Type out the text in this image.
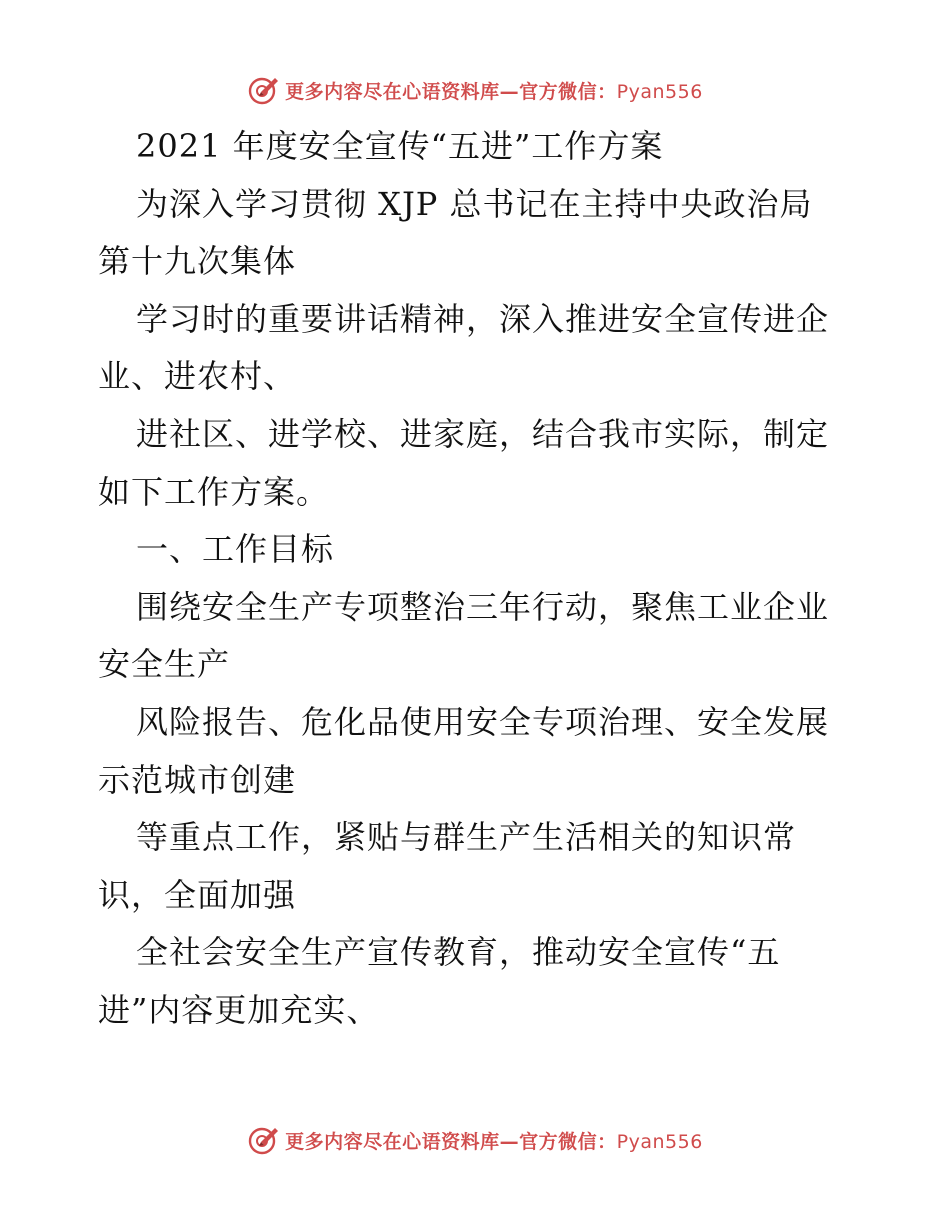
更多内容尽在心语资料库—官方微信：Pyan556
2021 年度安全宣传“五进”工作方案
为深入学习贯彻 XJP 总书记在主持中央政治局
第十九次集体
学习时的重要讲话精神，深入推进安全宣传进企
业、进农村、
进社区、进学校、进家庭，结合我市实际，制定
如下工作方案。
一、工作目标
围绕安全生产专项整治三年行动，聚焦工业企业
安全生产
风险报告、危化品使用安全专项治理、安全发展
示范城市创建
等重点工作，紧贴与群生产生活相关的知识常
识，全面加强
全社会安全生产宣传教育，推动安全宣传“五
进”内容更加充实、
更多内容尽在心语资料库—官方微信：Pyan556
